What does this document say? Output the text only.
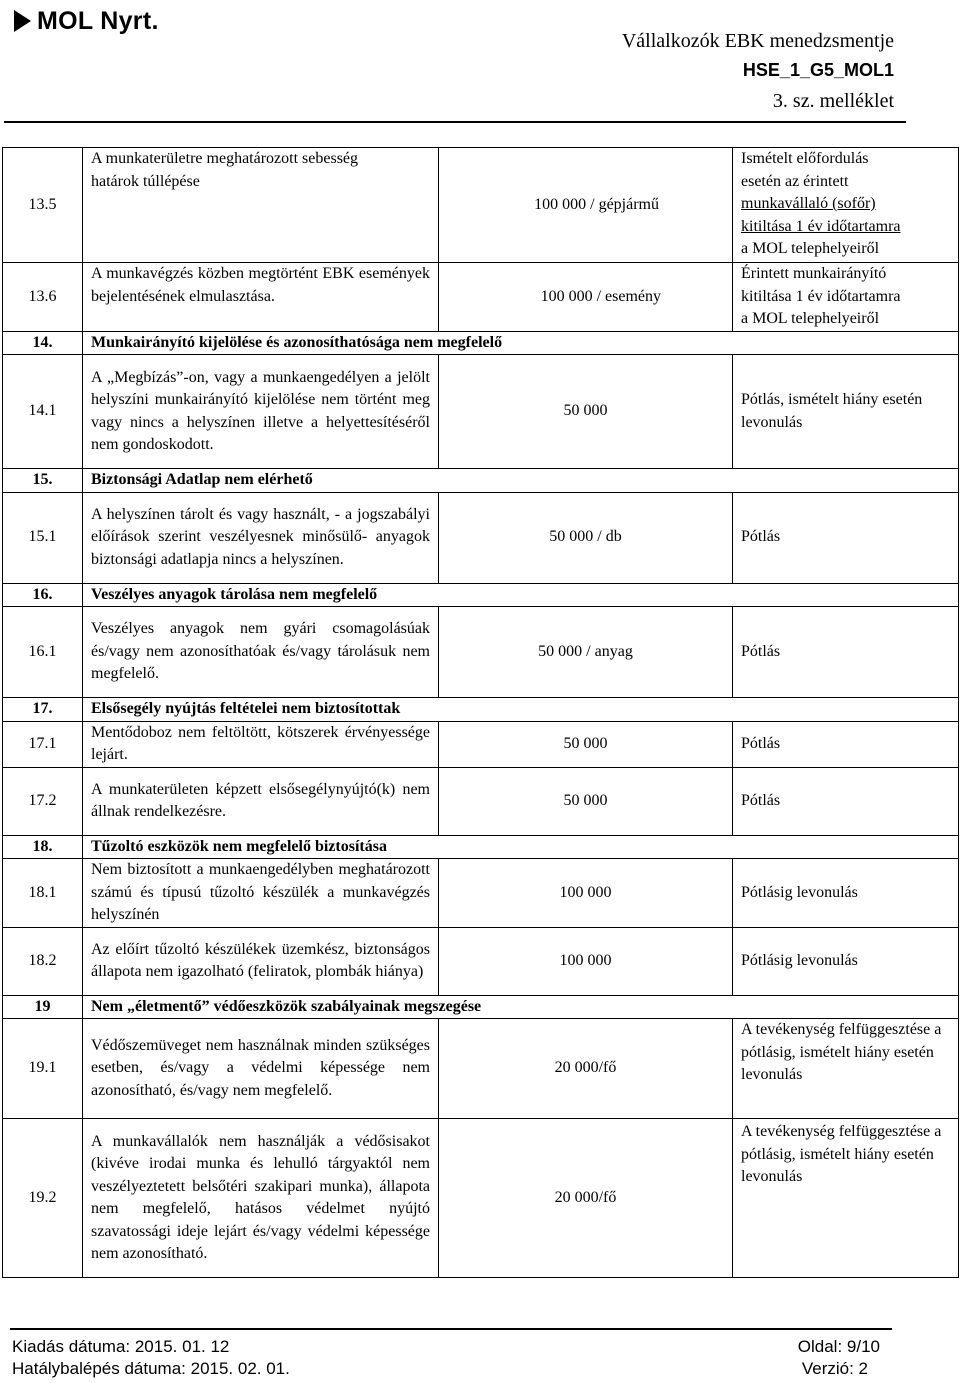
MOL Nyrt.
Vállalkozók EBK menedzsmentje
HSE_1_G5_MOL1
3. sz. melléklet
13.5	A munkaterületre meghatározott sebesség határok túllépése	100 000 / gépjármű	Ismételt előfordulás
esetén az érintett
munkavállaló (sofőr)
kitiltása 1 év időtartamra
a MOL telephelyeiről

13.6	A munkavégzés közben megtörtént EBK események bejelentésének elmulasztása.	100 000 / esemény	Érintett munkairányító
kitiltása 1 év időtartamra
a MOL telephelyeiről

14.	Munkairányító kijelölése és azonosíthatósága nem megfelelő		
14.1	A „Megbízás”-on, vagy a munkaengedélyen a jelölt helyszíni munkairányító kijelölése nem történt meg vagy nincs a helyszínen illetve a helyettesítéséről nem gondoskodott.	50 000	Pótlás, ismételt hiány esetén levonulás
15.	Biztonsági Adatlap nem elérhető		
15.1	A helyszínen tárolt és vagy használt, - a jogszabályi előírások szerint veszélyesnek minősülő- anyagok biztonsági adatlapja nincs a helyszínen.	50 000 / db	Pótlás
16.	Veszélyes anyagok tárolása nem megfelelő		
16.1	Veszélyes anyagok nem gyári csomagolásúak és/vagy nem azonosíthatóak és/vagy tárolásuk nem megfelelő.	50 000 / anyag	Pótlás
17.	Elsősegély nyújtás feltételei nem biztosítottak		
17.1	Mentődoboz nem feltöltött, kötszerek érvényessége lejárt.	50 000	Pótlás
17.2	A munkaterületen képzett elsősegélynyújtó(k) nem állnak rendelkezésre.	50 000	Pótlás
18.	Tűzoltó eszközök nem megfelelő biztosítása		
18.1	Nem biztosított a munkaengedélyben meghatározott számú és típusú tűzoltó készülék a munkavégzés helyszínén	100 000	Pótlásig levonulás
18.2	Az előírt tűzoltó készülékek üzemkész, biztonságos állapota nem igazolható (feliratok, plombák hiánya)	100 000	Pótlásig levonulás
19	Nem „életmentő” védőeszközök szabályainak megszegése		
19.1	Védőszemüveget nem használnak minden szükséges esetben, és/vagy a védelmi képessége nem azonosítható, és/vagy nem megfelelő.	20 000/fő	A tevékenység felfüggesztése a pótlásig, ismételt hiány esetén levonulás
19.2	A munkavállalók nem használják a védősisakot (kivéve irodai munka és lehulló tárgyaktól nem veszélyeztetett belsőtéri szakipari munka), állapota nem megfelelő, hatásos védelmet nyújtó szavatossági ideje lejárt és/vagy védelmi képessége nem azonosítható.	20 000/fő	A tevékenység felfüggesztése a pótlásig, ismételt hiány esetén levonulás
Kiadás dátuma: 2015. 01. 12
Hatálybalépés dátuma: 2015. 02. 01.
Oldal: 9/10
Verzió: 2
